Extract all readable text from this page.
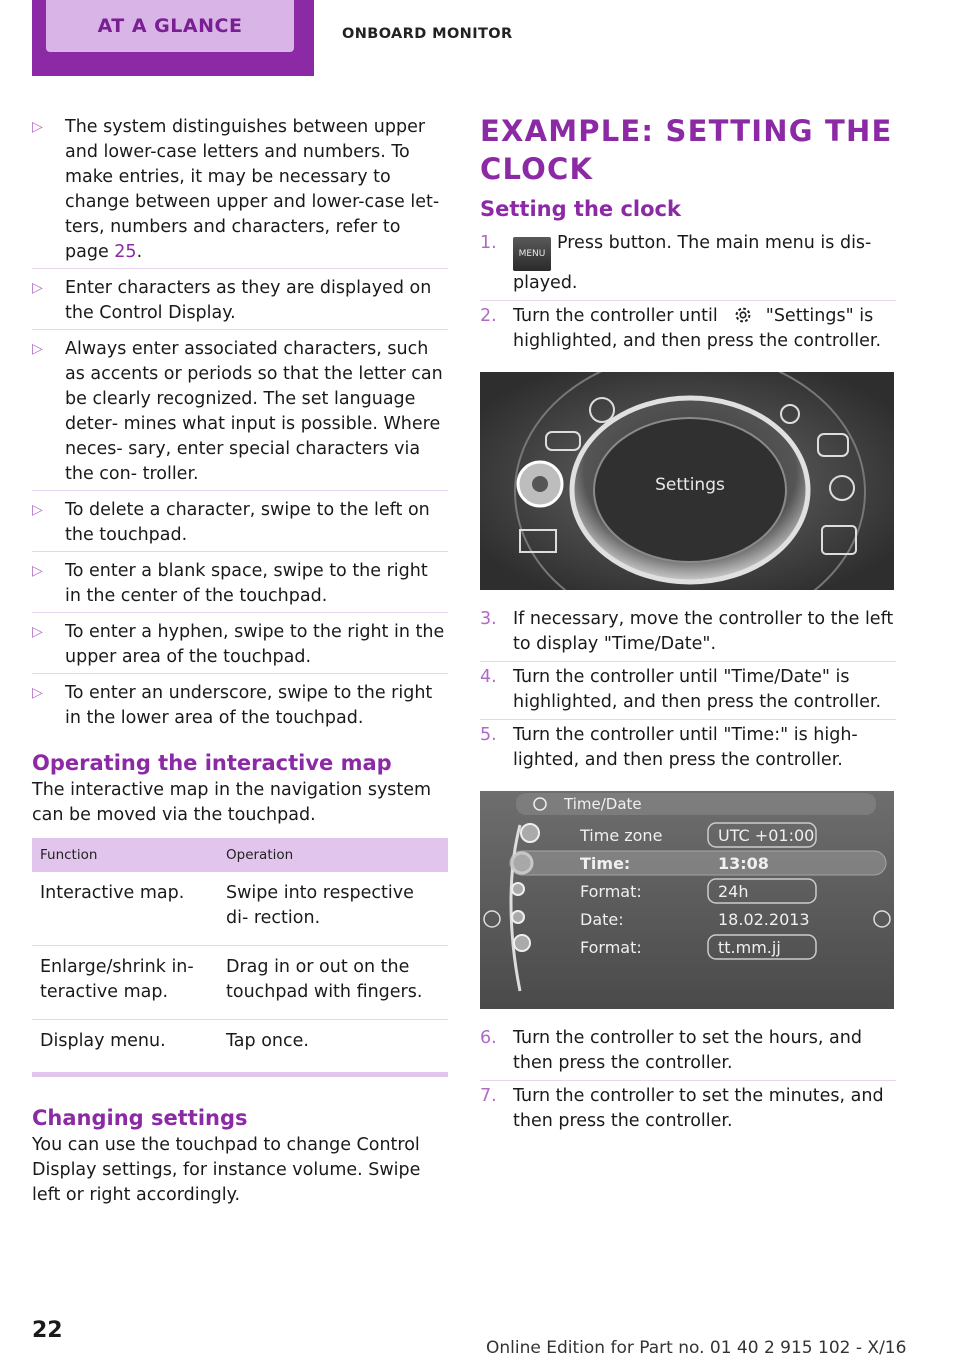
AT A GLANCE	ONBOARD MONITOR
▷	The system distinguishes between upper and lower-case letters and numbers. To make entries, it may be necessary to change between upper and lower-case let‐ ters, numbers and characters, refer to page 25.
▷	Enter characters as they are displayed on the Control Display.
▷	Always enter associated characters, such as accents or periods so that the letter can be clearly recognized. The set language deter‐ mines what input is possible. Where neces‐ sary, enter special characters via the con‐ troller.
▷	To delete a character, swipe to the left on the touchpad.
▷	To enter a blank space, swipe to the right in the center of the touchpad.
▷	To enter a hyphen, swipe to the right in the upper area of the touchpad.
▷	To enter an underscore, swipe to the right in the lower area of the touchpad.
Operating the interactive map

The interactive map in the navigation system can be moved via the touchpad.

Function	Operation
Interactive map.	Swipe into respective di‐ rection.
Enlarge/shrink in‐ teractive map.	Drag in or out on the touchpad with fingers.
Display menu.	Tap once.
Changing settings

You can use the touchpad to change Control Display settings, for instance volume. Swipe left or right accordingly.

EXAMPLE: SETTING THE CLOCK
Setting the clock
1.
MENUPress button. The main menu is dis‐ played.
2. Turn the controller until	"Settings" is highlighted, and then press the controller.
Settings
3. If necessary, move the controller to the left to display "Time/Date".
4. Turn the controller until "Time/Date" is highlighted, and then press the controller.
5. Turn the controller until "Time:" is high‐ lighted, and then press the controller.
Time/Date
Time zone	UTC +01:00
Time:	13:08
Format:	24h
Date:	18.02.2013
Format:	tt.mm.jj
6. Turn the controller to set the hours, and then press the controller.
7. Turn the controller to set the minutes, and then press the controller.
22
Online Edition for Part no. 01 40 2 915 102 - X/16
